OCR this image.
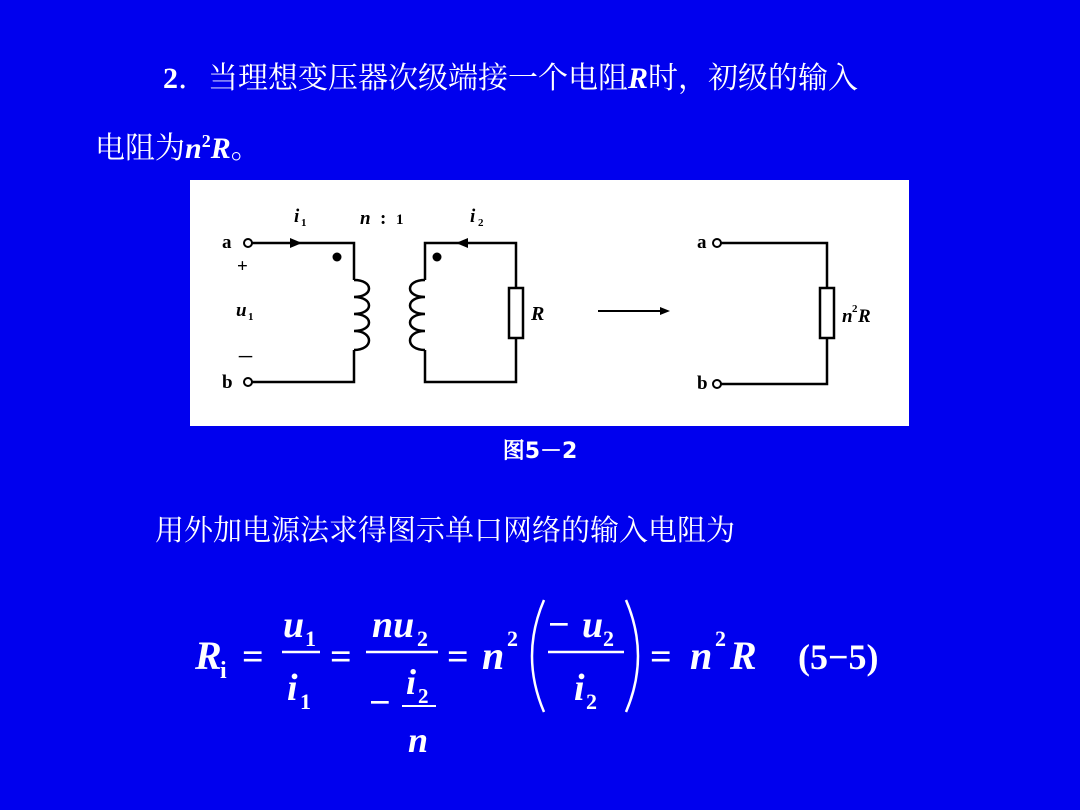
2．当理想变压器次级端接一个电阻R时，初级的输入
电阻为$n^2R$。
a
b
+
－
u 1
i 1	n : 1	i 2
R
a
b
n 2 R
图5－2
用外加电源法求得图示单口网络的输入电阻为
R
i =
u 1
i 1
=
nu 2
− i 2
n
= n 2 − u 2
i 2
= n 2 R (5−5)
